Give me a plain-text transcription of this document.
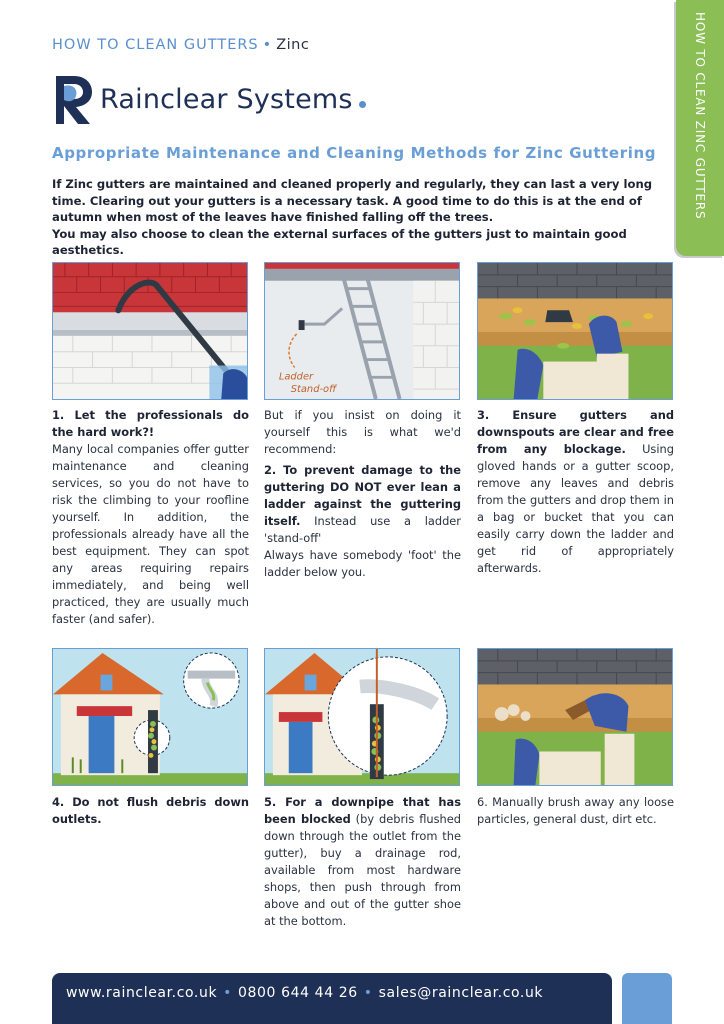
HOW TO CLEAN GUTTERS • Zinc	HOW TO CLEAN ZINC GUTTERS
Rainclear Systems
Appropriate Maintenance and Cleaning Methods for Zinc Guttering

If Zinc gutters are maintained and cleaned properly and regularly, they can last a very long time. Clearing out your gutters is a necessary task. A good time to do this is at the end of autumn when most of the leaves have finished falling off the trees.

You may also choose to clean the external surfaces of the gutters just to maintain good aesthetics.

Ladder
Stand-off
1. Let the professionals do the hard work?!
Many local companies offer gutter maintenance and cleaning services, so you do not have to risk the climbing to your roofline yourself. In addition, the professionals already have all the best equipment. They can spot any areas requiring repairs immediately, and being well practiced, they are usually much faster (and safer).
But if you insist on doing it yourself this is what we'd recommend:
2. To prevent damage to the guttering DO NOT ever lean a ladder against the guttering itself. Instead use a ladder 'stand-off'
Always have somebody 'foot' the ladder below you.
3. Ensure gutters and downspouts are clear and free from any blockage. Using gloved hands or a gutter scoop, remove any leaves and debris from the gutters and drop them in a bag or bucket that you can easily carry down the ladder and get rid of appropriately afterwards.
4. Do not flush debris down outlets.
5. For a downpipe that has been blocked (by debris flushed down through the outlet from the gutter), buy a drainage rod, available from most hardware shops, then push through from above and out of the gutter shoe at the bottom.
6. Manually brush away any loose particles, general dust, dirt etc.
www.rainclear.co.uk • 0800 644 44 26 • sales@rainclear.co.uk
